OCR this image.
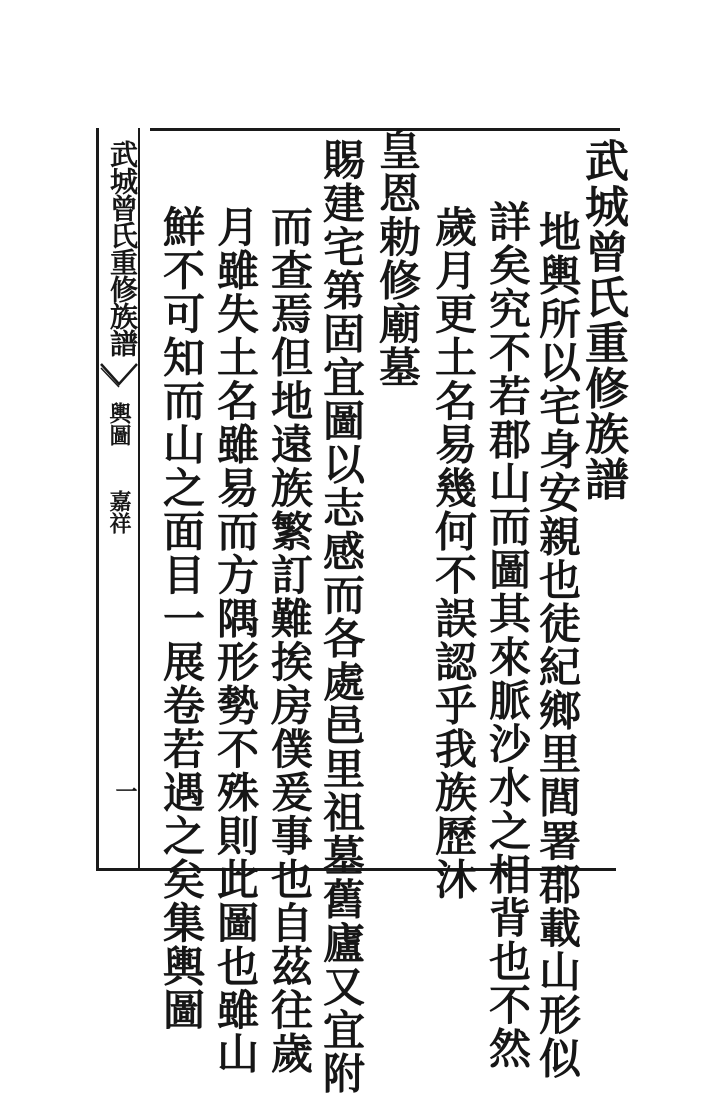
武城曾氏重修族譜
輿圖
嘉祥
一
武城曾氏重修族譜
地輿所以宅身安親也徒紀鄉里閭署郡載山形似
詳矣究不若郡山而圖其來脈沙水之相背也不然
歲月更土名易幾何不誤認乎我族歷沐
皇恩勅修廟墓
賜建宅第固宜圖以志感而各處邑里祖墓舊廬又宜附
而查焉但地遠族繁訂難挨房僕爰事也自茲往歲
月雖失土名雖易而方隅形勢不殊則此圖也雖山
鮮不可知而山之面目一展卷若遇之矣集輿圖
